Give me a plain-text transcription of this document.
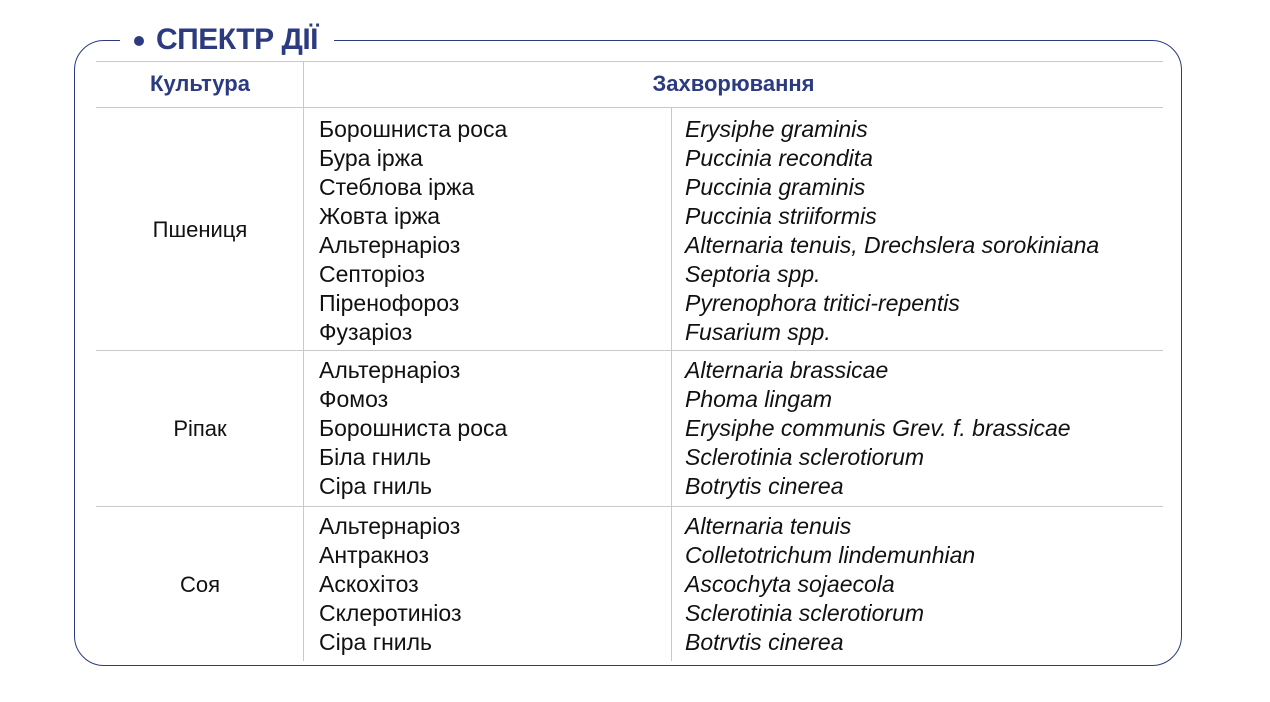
СПЕКТР ДІЇ
Культура	Захворювання
Пшениця
Борошниста роса
Бура іржа
Стеблова іржа
Жовта іржа
Альтернаріоз
Септоріоз
Піренофороз
Фузаріоз
Erysiphe graminis
Puccinia recondita
Puccinia graminis
Puccinia striiformis
Alternaria tenuis, Drechslera sorokiniana
Septoria spp.
Pyrenophora tritici-repentis
Fusarium spp.
Ріпак
Альтернаріоз
Фомоз
Борошниста роса
Біла гниль
Сіра гниль
Alternaria brassicae
Phoma lingam
Erysiphe communis Grev. f. brassicae
Sclerotinia sclerotiorum
Botrytis cinerea
Соя
Альтернаріоз
Антракноз
Аскохітоз
Склеротиніоз
Сіра гниль
Alternaria tenuis
Colletotrichum lindemunhian
Ascochyta sojaecola
Sclerotinia sclerotiorum
Botrvtis cinerea
